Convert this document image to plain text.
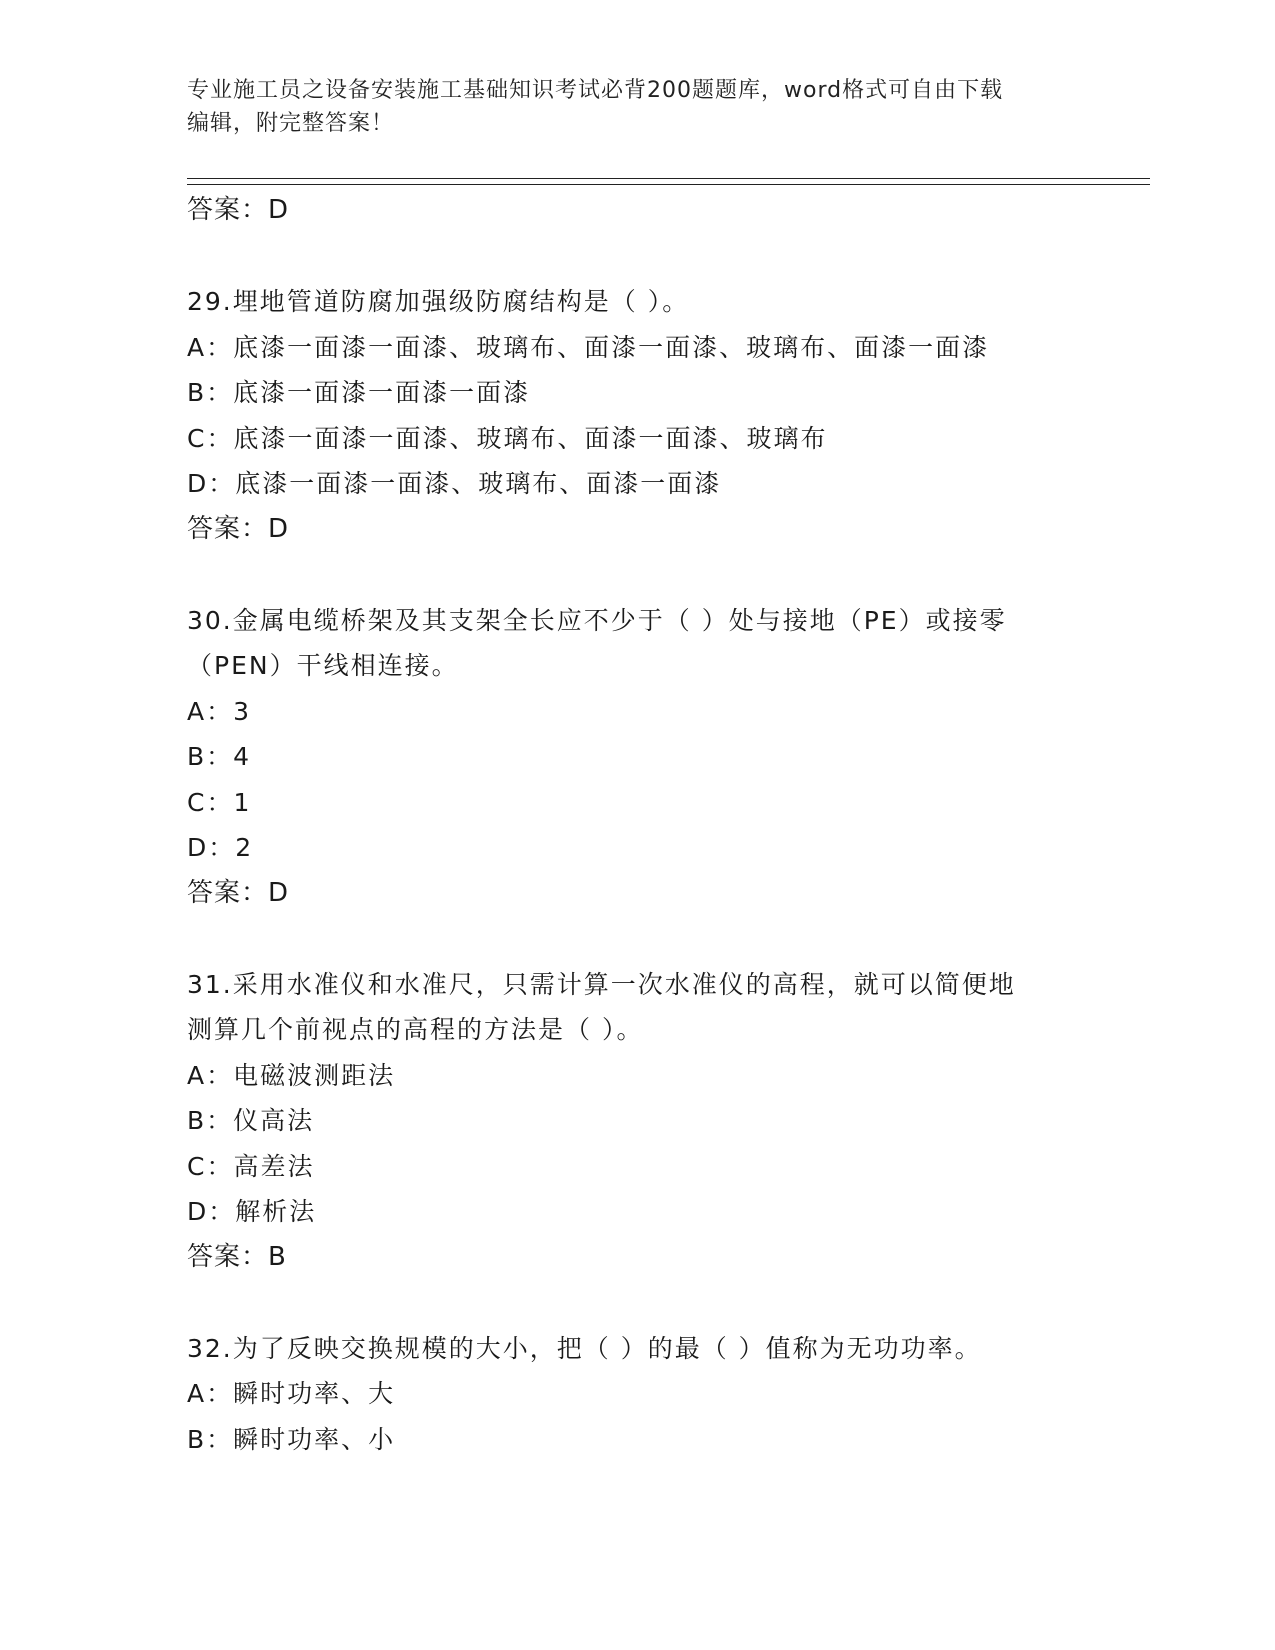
专业施工员之设备安装施工基础知识考试必背200题题库，word格式可自由下载
编辑，附完整答案！
答案：D
29.埋地管道防腐加强级防腐结构是（ ）。
A：底漆一面漆一面漆、玻璃布、面漆一面漆、玻璃布、面漆一面漆
B：底漆一面漆一面漆一面漆
C：底漆一面漆一面漆、玻璃布、面漆一面漆、玻璃布
D：底漆一面漆一面漆、玻璃布、面漆一面漆
答案：D
30.金属电缆桥架及其支架全长应不少于（ ）处与接地（PE）或接零
（PEN）干线相连接。
A：3
B：4
C：1
D：2
答案：D
31.采用水准仪和水准尺，只需计算一次水准仪的高程，就可以简便地
测算几个前视点的高程的方法是（ ）。
A：电磁波测距法
B：仪高法
C：高差法
D：解析法
答案：B
32.为了反映交换规模的大小，把（ ）的最（ ）值称为无功功率。
A：瞬时功率、大
B：瞬时功率、小
